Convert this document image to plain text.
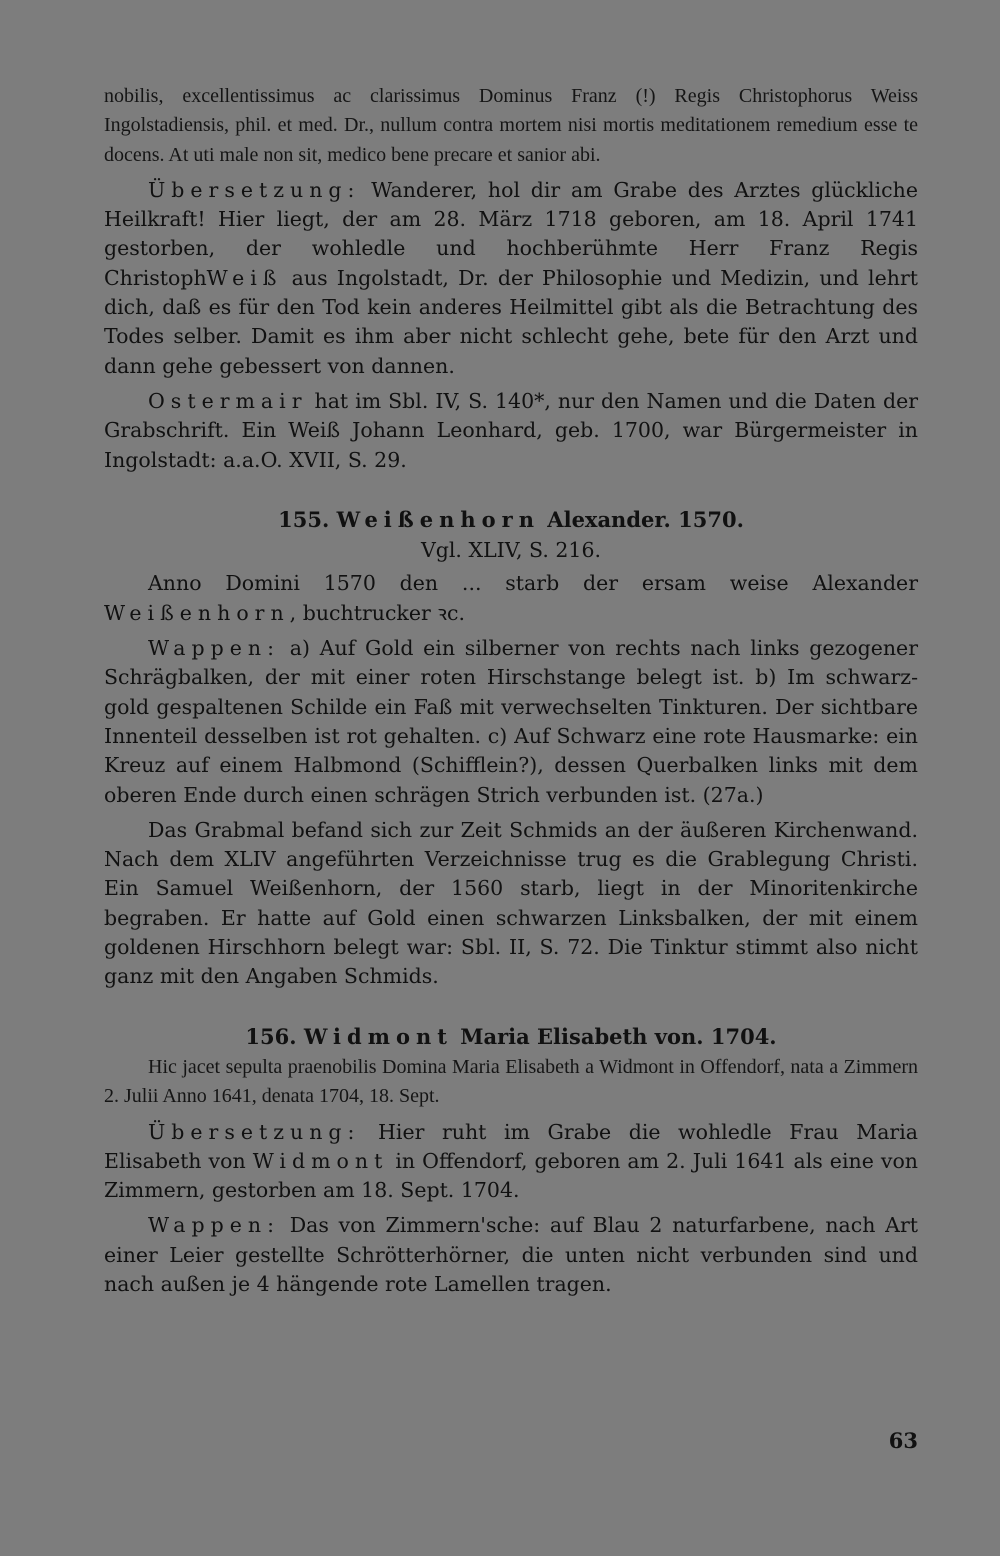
nobilis, excellentissimus ac clarissimus Dominus Franz (!) Regis Christophorus Weiss Ingolstadiensis, phil. et med. Dr., nullum contra mortem nisi mortis meditationem remedium esse te docens. At uti male non sit, medico bene precare et sanior abi.

Übersetzung: Wanderer, hol dir am Grabe des Arztes glückliche Heilkraft! Hier liegt, der am 28. März 1718 geboren, am 18. April 1741 gestorben, der wohledle und hochberühmte Herr Franz Regis ChristophWeiß aus Ingolstadt, Dr. der Philosophie und Medizin, und lehrt dich, daß es für den Tod kein anderes Heilmittel gibt als die Betrachtung des Todes selber. Damit es ihm aber nicht schlecht gehe, bete für den Arzt und dann gehe gebessert von dannen.

Ostermair hat im Sbl. IV, S. 140*, nur den Namen und die Daten der Grabschrift. Ein Weiß Johann Leonhard, geb. 1700, war Bürgermeister in Ingolstadt: a.a.O. XVII, S. 29.

155. Weißenhorn Alexander. 1570.

Vgl. XLIV, S. 216.

Anno Domini 1570 den ... starb der ersam weise Alexander Weißenhorn, buchtrucker ꝛc.

Wappen: a) Auf Gold ein silberner von rechts nach links gezogener Schrägbalken, der mit einer roten Hirschstange belegt ist. b) Im schwarz-gold gespaltenen Schilde ein Faß mit verwechselten Tinkturen. Der sichtbare Innenteil desselben ist rot gehalten. c) Auf Schwarz eine rote Hausmarke: ein Kreuz auf einem Halbmond (Schifflein?), dessen Querbalken links mit dem oberen Ende durch einen schrägen Strich verbunden ist. (27a.)

Das Grabmal befand sich zur Zeit Schmids an der äußeren Kirchenwand. Nach dem XLIV angeführten Verzeichnisse trug es die Grablegung Christi. Ein Samuel Weißenhorn, der 1560 starb, liegt in der Minoritenkirche begraben. Er hatte auf Gold einen schwarzen Linksbalken, der mit einem goldenen Hirschhorn belegt war: Sbl. II, S. 72. Die Tinktur stimmt also nicht ganz mit den Angaben Schmids.

156. Widmont Maria Elisabeth von. 1704.

Hic jacet sepulta praenobilis Domina Maria Elisabeth a Widmont in Offendorf, nata a Zimmern 2. Julii Anno 1641, denata 1704, 18. Sept.

Übersetzung: Hier ruht im Grabe die wohledle Frau Maria Elisabeth von Widmont in Offendorf, geboren am 2. Juli 1641 als eine von Zimmern, gestorben am 18. Sept. 1704.

Wappen: Das von Zimmern'sche: auf Blau 2 naturfarbene, nach Art einer Leier gestellte Schrötterhörner, die unten nicht verbunden sind und nach außen je 4 hängende rote Lamellen tragen.

63
